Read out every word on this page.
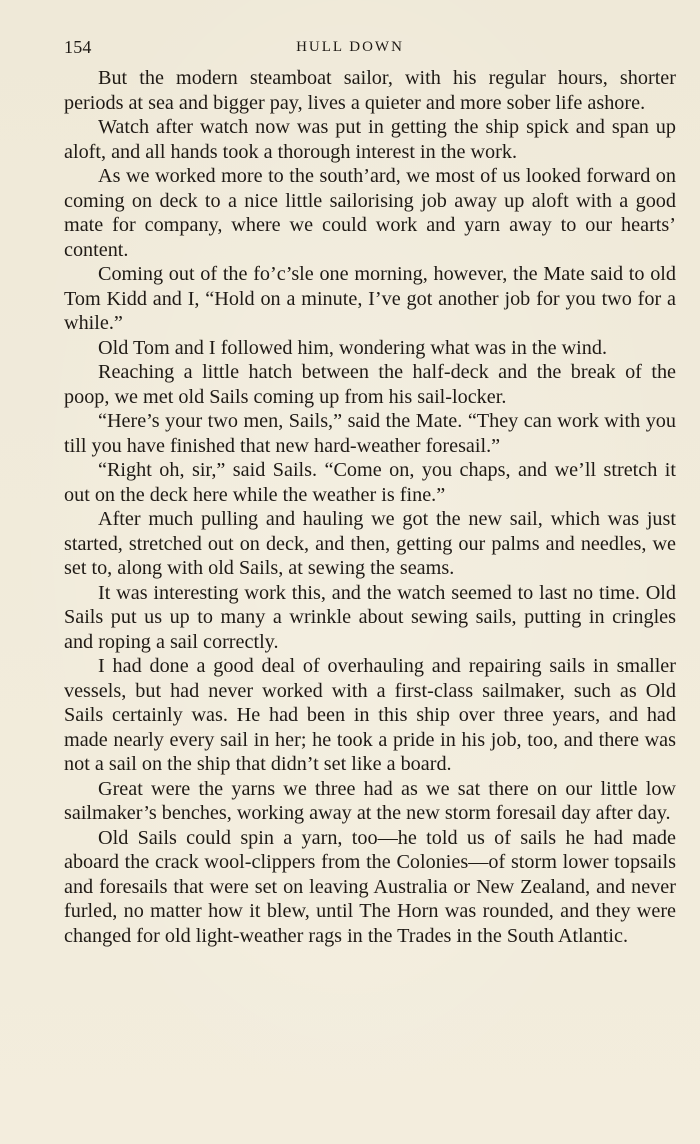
154	HULL DOWN

But the modern steamboat sailor, with his regular hours, shorter periods at sea and bigger pay, lives a quieter and more sober life ashore.

Watch after watch now was put in getting the ship spick and span up aloft, and all hands took a thorough interest in the work.

As we worked more to the south’ard, we most of us looked forward on coming on deck to a nice little sailorising job away up aloft with a good mate for company, where we could work and yarn away to our hearts’ content.

Coming out of the fo’c’sle one morning, however, the Mate said to old Tom Kidd and I, “Hold on a minute, I’ve got another job for you two for a while.”

Old Tom and I followed him, wondering what was in the wind.

Reaching a little hatch between the half-deck and the break of the poop, we met old Sails coming up from his sail-locker.

“Here’s your two men, Sails,” said the Mate. “They can work with you till you have finished that new hard-weather foresail.”

“Right oh, sir,” said Sails. “Come on, you chaps, and we’ll stretch it out on the deck here while the weather is fine.”

After much pulling and hauling we got the new sail, which was just started, stretched out on deck, and then, getting our palms and needles, we set to, along with old Sails, at sewing the seams.

It was interesting work this, and the watch seemed to last no time. Old Sails put us up to many a wrinkle about sewing sails, putting in cringles and roping a sail correctly.

I had done a good deal of overhauling and repairing sails in smaller vessels, but had never worked with a first-class sailmaker, such as Old Sails certainly was. He had been in this ship over three years, and had made nearly every sail in her; he took a pride in his job, too, and there was not a sail on the ship that didn’t set like a board.

Great were the yarns we three had as we sat there on our little low sailmaker’s benches, working away at the new storm foresail day after day.

Old Sails could spin a yarn, too—he told us of sails he had made aboard the crack wool-clippers from the Colonies—of storm lower topsails and foresails that were set on leaving Australia or New Zealand, and never furled, no matter how it blew, until The Horn was rounded, and they were changed for old light-weather rags in the Trades in the South Atlantic.
